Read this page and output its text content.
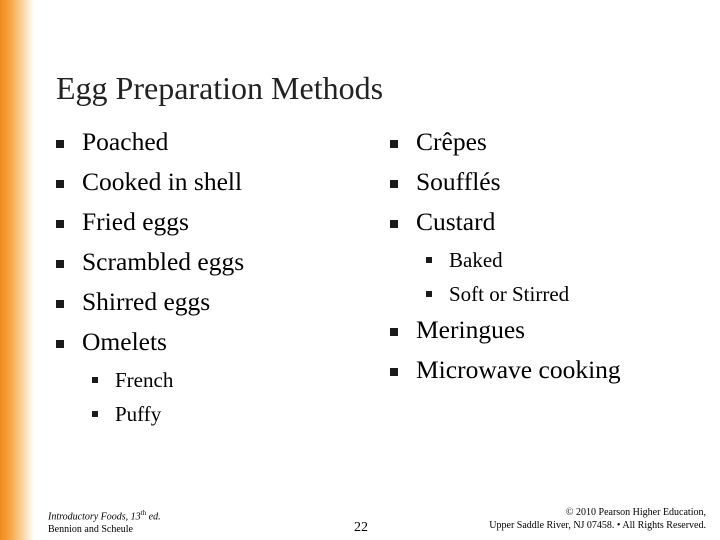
Egg Preparation Methods
Poached
Cooked in shell
Fried eggs
Scrambled eggs
Shirred eggs
Omelets
French
Puffy
Crêpes
Soufflés
Custard
Baked
Soft or Stirred
Meringues
Microwave cooking
Introductory Foods, 13th ed.
Bennion and Scheule	22
© 2010 Pearson Higher Education,
Upper Saddle River, NJ 07458. • All Rights Reserved.
